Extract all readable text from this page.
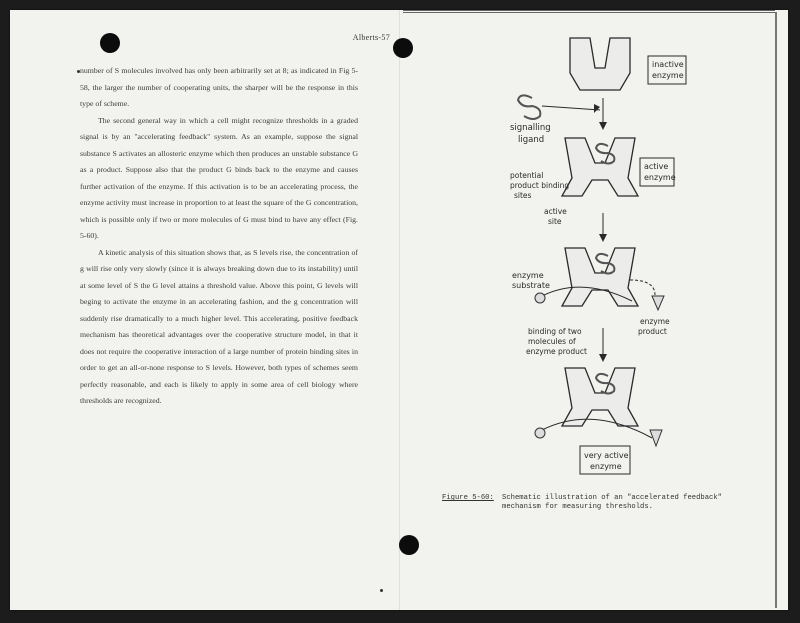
Alberts-57

number of S molecules involved has only been arbitrarily set at 8; as indicated in Fig 5-58, the larger the number of cooperating units, the sharper will be the response in this type of scheme.

The second general way in which a cell might recognize thresholds in a graded signal is by an "accelerating feedback" system. As an example, suppose the signal substance S activates an allosteric enzyme which then produces an unstable substance G as a product. Suppose also that the product G binds back to the enzyme and causes further activation of the enzyme. If this activation is to be an accelerating process, the enzyme activity must increase in proportion to at least the square of the G concentration, which is possible only if two or more molecules of G must bind to have any effect (Fig. 5-60).

A kinetic analysis of this situation shows that, as S levels rise, the concentration of g will rise only very slowly (since it is always breaking down due to its instability) until at some level of S the G level attains a threshold value. Above this point, G levels will beging to activate the enzyme in an accelerating fashion, and the g concentration will suddenly rise dramatically to a much higher level. This accelerating, positive feedback mechanism has theoretical advantages over the cooperative structure model, in that it does not require the cooperative interaction of a large number of protein binding sites in order to get an all-or-none response to S levels. However, both types of schemes seem perfectly reasonable, and each is likely to apply in some area of cell biology where thresholds are recognized.

inactive enzyme
signalling ligand
active enzyme
potential product binding sites
active site
enzyme substrate
enzyme product
binding of two molecules of enzyme product
very active enzyme
Figure 5-60: Schematic illustration of an "accelerated feedback" mechanism for measuring thresholds.
